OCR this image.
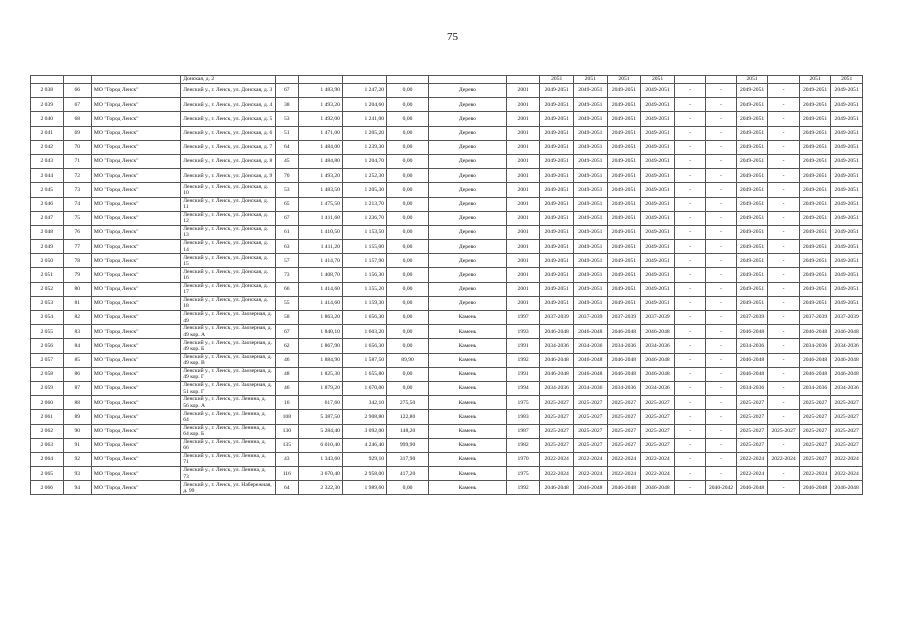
75
			Донская, д. 2							2051	2051	2051	2051			2051		2051	2051
2 038	66	МО "Город Ленск"	Ленский у., г. Ленск, ул. Донская, д. 3	67	1 483,90	1 247,20	0,00	Дерево	2001	2049-2051	2049-2051	2049-2051	2049-2051	-	-	2049-2051	-	2049-2051	2049-2051
2 039	67	МО "Город Ленск"	Ленский у., г. Ленск, ул. Донская, д. 4	38	1 493,20	1 204,60	0,00	Дерево	2001	2049-2051	2049-2051	2049-2051	2049-2051	-	-	2049-2051	-	2049-2051	2049-2051
2 040	68	МО "Город Ленск"	Ленский у., г. Ленск, ул. Донская, д. 5	53	1 492,00	1 241,00	0,00	Дерево	2001	2049-2051	2049-2051	2049-2051	2049-2051	-	-	2049-2051	-	2049-2051	2049-2051
2 041	69	МО "Город Ленск"	Ленский у., г. Ленск, ул. Донская, д. 6	51	1 471,00	1 205,20	0,00	Дерево	2001	2049-2051	2049-2051	2049-2051	2049-2051	-	-	2049-2051	-	2049-2051	2049-2051
2 042	70	МО "Город Ленск"	Ленский у., г. Ленск, ул. Донская, д. 7	64	1 484,00	1 239,30	0,00	Дерево	2001	2049-2051	2049-2051	2049-2051	2049-2051	-	-	2049-2051	-	2049-2051	2049-2051
2 043	71	МО "Город Ленск"	Ленский у., г. Ленск, ул. Донская, д. 8	45	1 484,80	1 204,70	0,00	Дерево	2001	2049-2051	2049-2051	2049-2051	2049-2051	-	-	2049-2051	-	2049-2051	2049-2051
2 044	72	МО "Город Ленск"	Ленский у., г. Ленск, ул. Донская, д. 9	70	1 493,20	1 252,30	0,00	Дерево	2001	2049-2051	2049-2051	2049-2051	2049-2051	-	-	2049-2051	-	2049-2051	2049-2051
2 045	73	МО "Город Ленск"	Ленский у., г. Ленск, ул. Донская, д. 10	53	1 483,50	1 205,30	0,00	Дерево	2001	2049-2051	2049-2051	2049-2051	2049-2051	-	-	2049-2051	-	2049-2051	2049-2051
2 046	74	МО "Город Ленск"	Ленский у., г. Ленск, ул. Донская, д. 11	65	1 475,50	1 213,70	0,00	Дерево	2001	2049-2051	2049-2051	2049-2051	2049-2051	-	-	2049-2051	-	2049-2051	2049-2051
2 047	75	МО "Город Ленск"	Ленский у., г. Ленск, ул. Донская, д. 12	67	1 411,60	1 236,70	0,00	Дерево	2001	2049-2051	2049-2051	2049-2051	2049-2051	-	-	2049-2051	-	2049-2051	2049-2051
2 048	76	МО "Город Ленск"	Ленский у., г. Ленск, ул. Донская, д. 13	61	1 410,50	1 153,50	0,00	Дерево	2001	2049-2051	2049-2051	2049-2051	2049-2051	-	-	2049-2051	-	2049-2051	2049-2051
2 049	77	МО "Город Ленск"	Ленский у., г. Ленск, ул. Донская, д. 14	63	1 411,20	1 155,00	0,00	Дерево	2001	2049-2051	2049-2051	2049-2051	2049-2051	-	-	2049-2051	-	2049-2051	2049-2051
2 050	78	МО "Город Ленск"	Ленский у., г. Ленск, ул. Донская, д. 15	57	1 414,70	1 157,90	0,00	Дерево	2001	2049-2051	2049-2051	2049-2051	2049-2051	-	-	2049-2051	-	2049-2051	2049-2051
2 051	79	МО "Город Ленск"	Ленский у., г. Ленск, ул. Донская, д. 16	73	1 408,70	1 156,30	0,00	Дерево	2001	2049-2051	2049-2051	2049-2051	2049-2051	-	-	2049-2051	-	2049-2051	2049-2051
2 052	80	МО "Город Ленск"	Ленский у., г. Ленск, ул. Донская, д. 17	66	1 414,60	1 155,20	0,00	Дерево	2001	2049-2051	2049-2051	2049-2051	2049-2051	-	-	2049-2051	-	2049-2051	2049-2051
2 053	81	МО "Город Ленск"	Ленский у., г. Ленск, ул. Донская, д. 18	55	1 414,60	1 159,30	0,00	Дерево	2001	2049-2051	2049-2051	2049-2051	2049-2051	-	-	2049-2051	-	2049-2051	2049-2051
2 054	82	МО "Город Ленск"	Ленский у., г. Ленск, ул. Заозерная, д. 49	58	1 863,20	1 656,30	0,00	Камень	1997	2037-2039	2037-2039	2037-2039	2037-2039	-	-	2037-2039	-	2037-2039	2037-2039
2 055	83	МО "Город Ленск"	Ленский у., г. Ленск, ул. Заозерная, д. 49 кор. А	67	1 840,10	1 603,20	0,00	Камень	1993	2046-2048	2046-2048	2046-2048	2046-2048	-	-	2046-2048	-	2046-2048	2046-2048
2 056	84	МО "Город Ленск"	Ленский у., г. Ленск, ул. Заозерная, д. 49 кор. Б	62	1 867,90	1 656,30	0,00	Камень	1991	2034-2036	2034-2036	2034-2036	2034-2036	-	-	2034-2036	-	2034-2036	2034-2036
2 057	85	МО "Город Ленск"	Ленский у., г. Ленск, ул. Заозерная, д. 49 кор. В	46	1 884,90	1 587,50	89,90	Камень	1992	2046-2048	2046-2048	2046-2048	2046-2048	-	-	2046-2048	-	2046-2048	2046-2048
2 058	86	МО "Город Ленск"	Ленский у., г. Ленск, ул. Заозерная, д. 49 кор. Г	48	1 825,30	1 655,80	0,00	Камень	1991	2046-2048	2046-2048	2046-2048	2046-2048	-	-	2046-2048	-	2046-2048	2046-2048
2 059	87	МО "Город Ленск"	Ленский у., г. Ленск, ул. Заозерная, д. 51 кор. Г	46	1 879,20	1 670,00	0,00	Камень	1994	2034-2036	2034-2036	2034-2036	2034-2036	-	-	2034-2036	-	2034-2036	2034-2036
2 060	88	МО "Город Ленск"	Ленский у., г. Ленск, ул. Ленина, д. 56 кор. А	16	617,60	342,10	275,50	Камень	1975	2025-2027	2025-2027	2025-2027	2025-2027	-	-	2025-2027	-	2025-2027	2025-2027
2 061	89	МО "Город Ленск"	Ленский у., г. Ленск, ул. Ленина, д. 64	108	5 387,50	2 908,80	122,80	Камень	1983	2025-2027	2025-2027	2025-2027	2025-2027	-	-	2025-2027	-	2025-2027	2025-2027
2 062	90	МО "Город Ленск"	Ленский у., г. Ленск, ул. Ленина, д. 64 кор. Б	130	5 284,40	3 092,00	148,20	Камень	1987	2025-2027	2025-2027	2025-2027	2025-2027	-	-	2025-2027	2025-2027	2025-2027	2025-2027
2 063	91	МО "Город Ленск"	Ленский у., г. Ленск, ул. Ленина, д. 66	135	6 010,40	4 246,40	999,90	Камень	1982	2025-2027	2025-2027	2025-2027	2025-2027	-	-	2025-2027	-	2025-2027	2025-2027
2 064	92	МО "Город Ленск"	Ленский у., г. Ленск, ул. Ленина, д. 71	43	1 343,60	929,10	317,90	Камень	1970	2022-2024	2022-2024	2022-2024	2022-2024	-	-	2022-2024	2022-2024	2025-2027	2022-2024
2 065	93	МО "Город Ленск"	Ленский у., г. Ленск, ул. Ленина, д. 73	116	3 670,40	2 958,00	417,20	Камень	1975	2022-2024	2022-2024	2022-2024	2022-2024	-	-	2022-2024	-	2022-2024	2022-2024
2 066	94	МО "Город Ленск"	Ленский у., г. Ленск, ул. Набережная, д. 99	64	2 322,30	1 989,60	0,00	Камень	1992	2046-2048	2046-2048	2046-2048	2046-2048	-	2040-2042	2046-2048	-	2046-2048	2046-2048
